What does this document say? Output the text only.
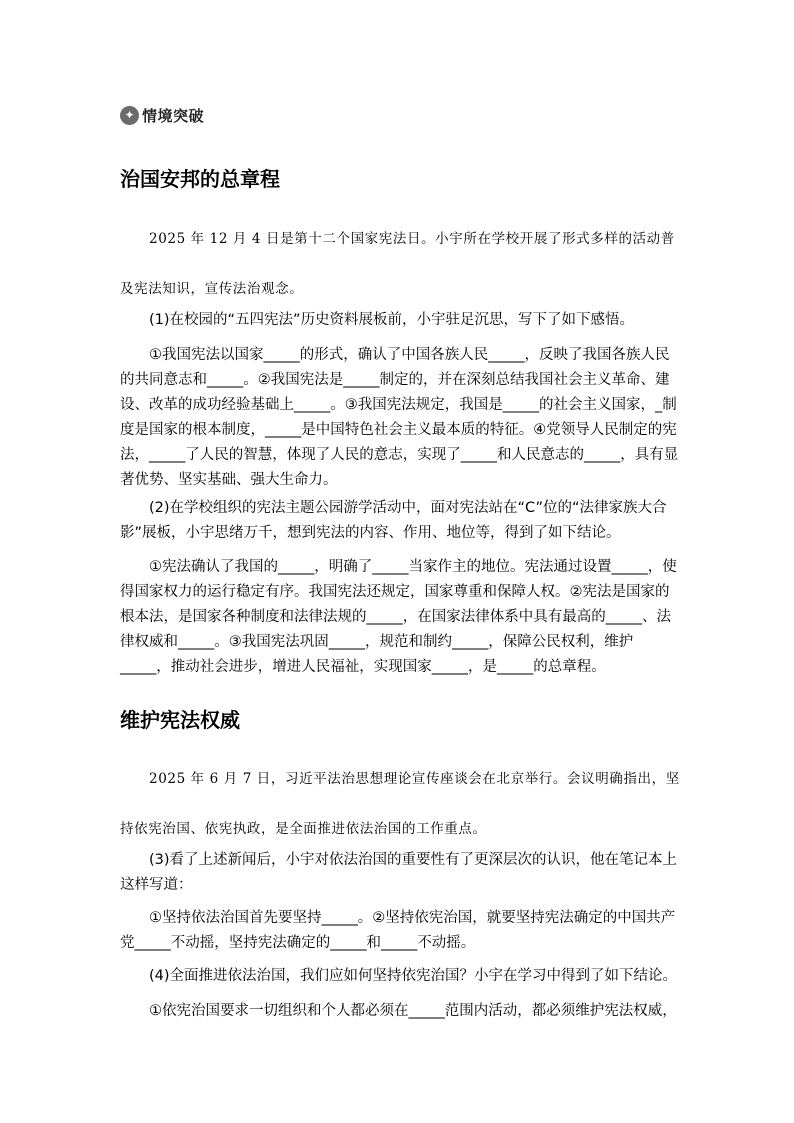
✦ 情境突破
治国安邦的总章程

2025 年 12 月 4 日是第十二个国家宪法日。小宇所在学校开展了形式多样的活动普及宪法知识，宣传法治观念。

(1)在校园的“五四宪法”历史资料展板前，小宇驻足沉思，写下了如下感悟。

①我国宪法以国家_____的形式，确认了中国各族人民_____，反映了我国各族人民的共同意志和_____。②我国宪法是_____制定的，并在深刻总结我国社会主义革命、建设、改革的成功经验基础上_____。③我国宪法规定，我国是_____的社会主义国家，_制度是国家的根本制度，_____是中国特色社会主义最本质的特征。④党领导人民制定的宪法，_____了人民的智慧，体现了人民的意志，实现了_____和人民意志的_____，具有显著优势、坚实基础、强大生命力。

(2)在学校组织的宪法主题公园游学活动中，面对宪法站在“C”位的“法律家族大合影”展板，小宇思绪万千，想到宪法的内容、作用、地位等，得到了如下结论。

①宪法确认了我国的_____，明确了_____当家作主的地位。宪法通过设置_____，使得国家权力的运行稳定有序。我国宪法还规定，国家尊重和保障人权。②宪法是国家的根本法，是国家各种制度和法律法规的_____，在国家法律体系中具有最高的_____、法律权威和_____。③我国宪法巩固_____，规范和制约_____，保障公民权利，维护_____，推动社会进步，增进人民福祉，实现国家_____，是_____的总章程。

维护宪法权威

2025 年 6 月 7 日，习近平法治思想理论宣传座谈会在北京举行。会议明确指出，坚持依宪治国、依宪执政，是全面推进依法治国的工作重点。

(3)看了上述新闻后，小宇对依法治国的重要性有了更深层次的认识，他在笔记本上这样写道：

①坚持依法治国首先要坚持_____。②坚持依宪治国，就要坚持宪法确定的中国共产党_____不动摇，坚持宪法确定的_____和_____不动摇。

(4)全面推进依法治国，我们应如何坚持依宪治国？小宇在学习中得到了如下结论。

①依宪治国要求一切组织和个人都必须在_____范围内活动，都必须维护宪法权威，
